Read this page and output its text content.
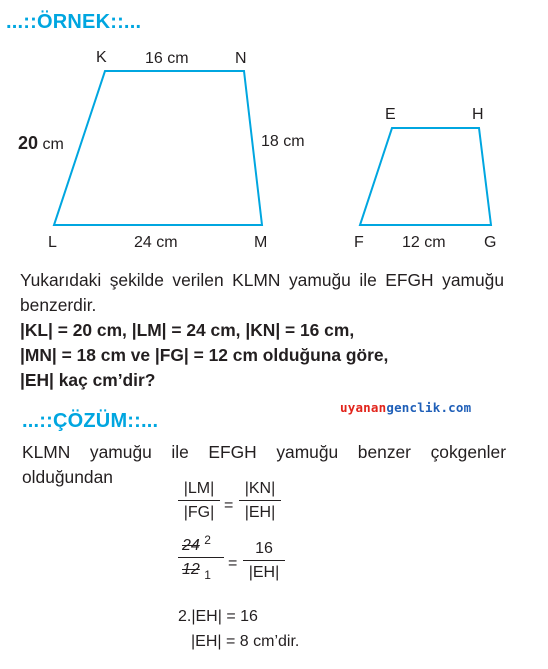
...::ÖRNEK::...
K 16 cm	N
20 cm	18 cm
L	24 cm	M
E	H
F 12 cm G
Yukarıdaki şekilde verilen KLMN yamuğu ile EFGH yamuğu benzerdir.
|KL| = 20 cm, |LM| = 24 cm, |KN| = 16 cm,
|MN| = 18 cm ve |FG| = 12 cm olduğuna göre,
|EH| kaç cm’dir?
...::ÇÖZÜM::...
uyanangenclik.com
KLMN yamuğu ile EFGH yamuğu benzer çokgenler olduğundan
|LM|
|FG| =
|KN|
|EH|
24 $^2$
12 $_1$
=
16
|EH|
2.|EH| = 16
|EH| = 8 cm’dir.
